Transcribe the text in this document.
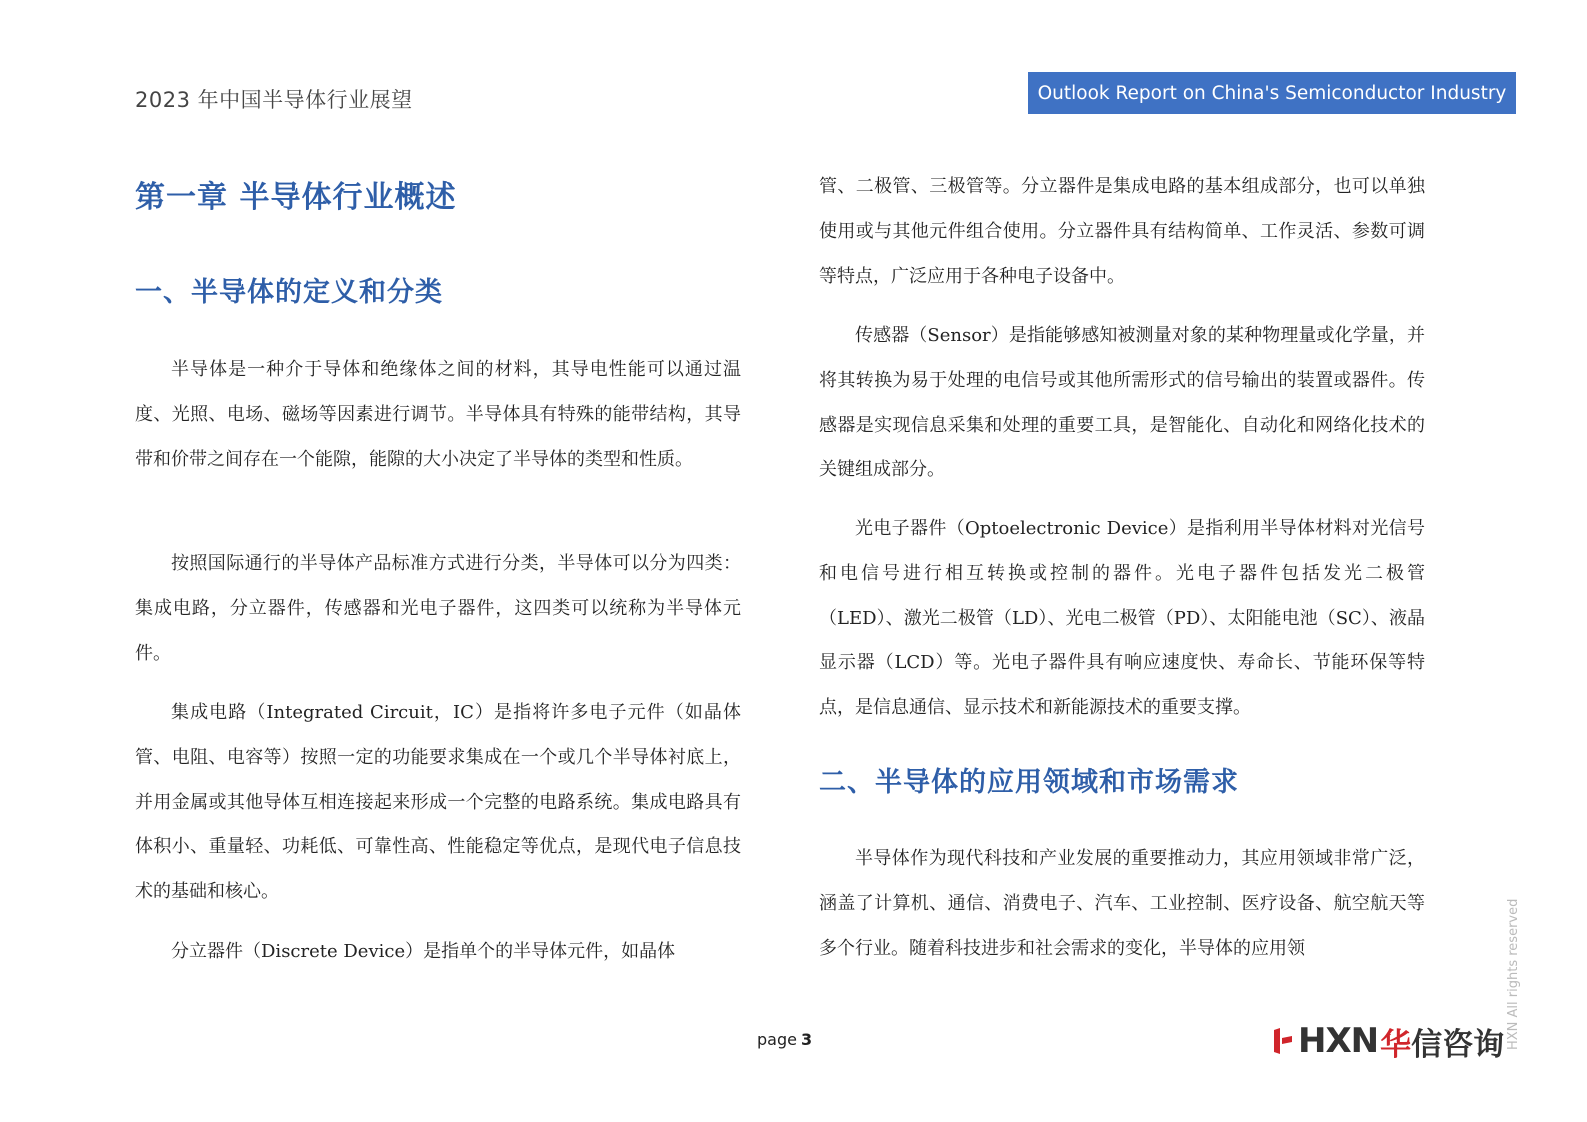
2023 年中国半导体行业展望	Outlook Report on China's Semiconductor Industry
第一章 半导体行业概述
一、半导体的定义和分类

半导体是一种介于导体和绝缘体之间的材料，其导电性能可以通过温度、光照、电场、磁场等因素进行调节。半导体具有特殊的能带结构，其导带和价带之间存在一个能隙，能隙的大小决定了半导体的类型和性质。

按照国际通行的半导体产品标准方式进行分类，半导体可以分为四类：集成电路，分立器件，传感器和光电子器件，这四类可以统称为半导体元件。

集成电路（Integrated Circuit，IC）是指将许多电子元件（如晶体管、电阻、电容等）按照一定的功能要求集成在一个或几个半导体衬底上，并用金属或其他导体互相连接起来形成一个完整的电路系统。集成电路具有体积小、重量轻、功耗低、可靠性高、性能稳定等优点，是现代电子信息技术的基础和核心。

分立器件（Discrete Device）是指单个的半导体元件，如晶体

管、二极管、三极管等。分立器件是集成电路的基本组成部分，也可以单独使用或与其他元件组合使用。分立器件具有结构简单、工作灵活、参数可调等特点，广泛应用于各种电子设备中。

传感器（Sensor）是指能够感知被测量对象的某种物理量或化学量，并将其转换为易于处理的电信号或其他所需形式的信号输出的装置或器件。传感器是实现信息采集和处理的重要工具，是智能化、自动化和网络化技术的关键组成部分。

光电子器件（Optoelectronic Device）是指利用半导体材料对光信号和电信号进行相互转换或控制的器件。光电子器件包括发光二极管（LED）、激光二极管（LD）、光电二极管（PD）、太阳能电池（SC）、液晶显示器（LCD）等。光电子器件具有响应速度快、寿命长、节能环保等特点，是信息通信、显示技术和新能源技术的重要支撑。

二、半导体的应用领域和市场需求

半导体作为现代科技和产业发展的重要推动力，其应用领域非常广泛，涵盖了计算机、通信、消费电子、汽车、工业控制、医疗设备、航空航天等多个行业。随着科技进步和社会需求的变化，半导体的应用领

page 3	HXN 华信咨询 HXN All rights reserved
